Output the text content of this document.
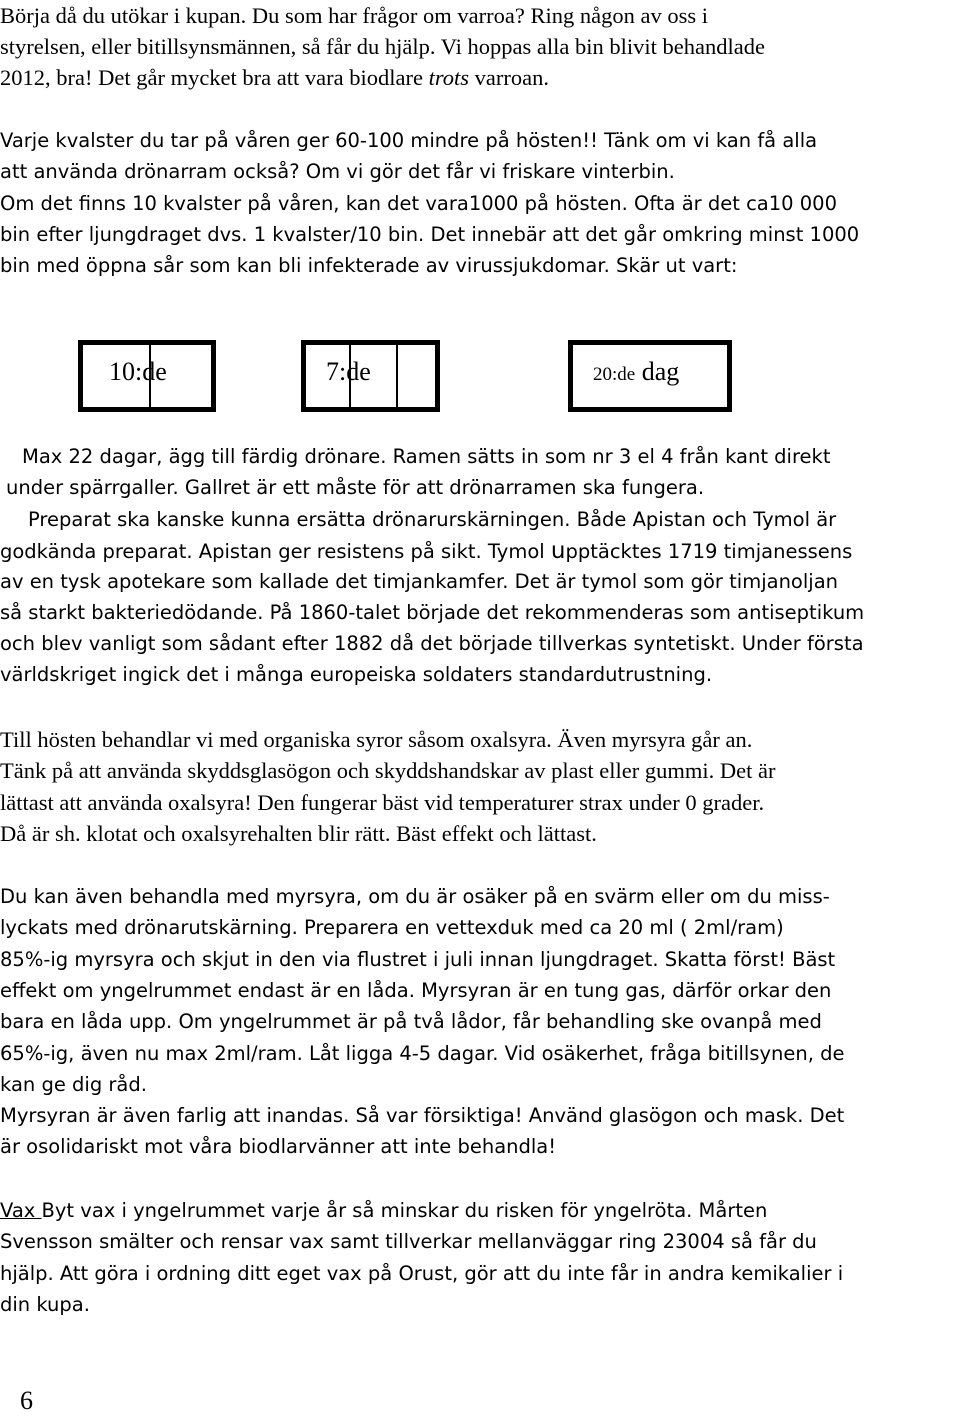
Börja då du utökar i kupan. Du som har frågor om varroa? Ring någon av oss i
styrelsen, eller bitillsynsmännen, så får du hjälp. Vi hoppas alla bin blivit behandlade
2012, bra! Det går mycket bra att vara biodlare trots varroan.
Varje kvalster du tar på våren ger 60-100 mindre på hösten!! Tänk om vi kan få alla
att använda drönarram också? Om vi gör det får vi friskare vinterbin.
Om det finns 10 kvalster på våren, kan det vara1000 på hösten. Ofta är det ca10 000
bin efter ljungdraget dvs. 1 kvalster/10 bin. Det innebär att det går omkring minst 1000
bin med öppna sår som kan bli infekterade av virussjukdomar. Skär ut vart:
10:de	7:de	20:de dag
Max 22 dagar, ägg till färdig drönare. Ramen sätts in som nr 3 el 4 från kant direkt
under spärrgaller. Gallret är ett måste för att drönarramen ska fungera.
Preparat ska kanske kunna ersätta drönarurskärningen. Både Apistan och Tymol är
godkända preparat. Apistan ger resistens på sikt. Tymol upptäcktes 1719 timjanessens
av en tysk apotekare som kallade det timjankamfer. Det är tymol som gör timjanoljan
så starkt bakteriedödande. På 1860-talet började det rekommenderas som antiseptikum
och blev vanligt som sådant efter 1882 då det började tillverkas syntetiskt. Under första
världskriget ingick det i många europeiska soldaters standardutrustning.
Till hösten behandlar vi med organiska syror såsom oxalsyra. Även myrsyra går an.
Tänk på att använda skyddsglasögon och skyddshandskar av plast eller gummi. Det är
lättast att använda oxalsyra! Den fungerar bäst vid temperaturer strax under 0 grader.
Då är sh. klotat och oxalsyrehalten blir rätt. Bäst effekt och lättast.
Du kan även behandla med myrsyra, om du är osäker på en svärm eller om du miss-
lyckats med drönarutskärning. Preparera en vettexduk med ca 20 ml ( 2ml/ram)
85%-ig myrsyra och skjut in den via flustret i juli innan ljungdraget. Skatta först! Bäst
effekt om yngelrummet endast är en låda. Myrsyran är en tung gas, därför orkar den
bara en låda upp. Om yngelrummet är på två lådor, får behandling ske ovanpå med
65%-ig, även nu max 2ml/ram. Låt ligga 4-5 dagar. Vid osäkerhet, fråga bitillsynen, de
kan ge dig råd.
Myrsyran är även farlig att inandas. Så var försiktiga! Använd glasögon och mask. Det
är osolidariskt mot våra biodlarvänner att inte behandla!
Vax Byt vax i yngelrummet varje år så minskar du risken för yngelröta. Mårten
Svensson smälter och rensar vax samt tillverkar mellanväggar ring 23004 så får du
hjälp. Att göra i ordning ditt eget vax på Orust, gör att du inte får in andra kemikalier i
din kupa.
6
